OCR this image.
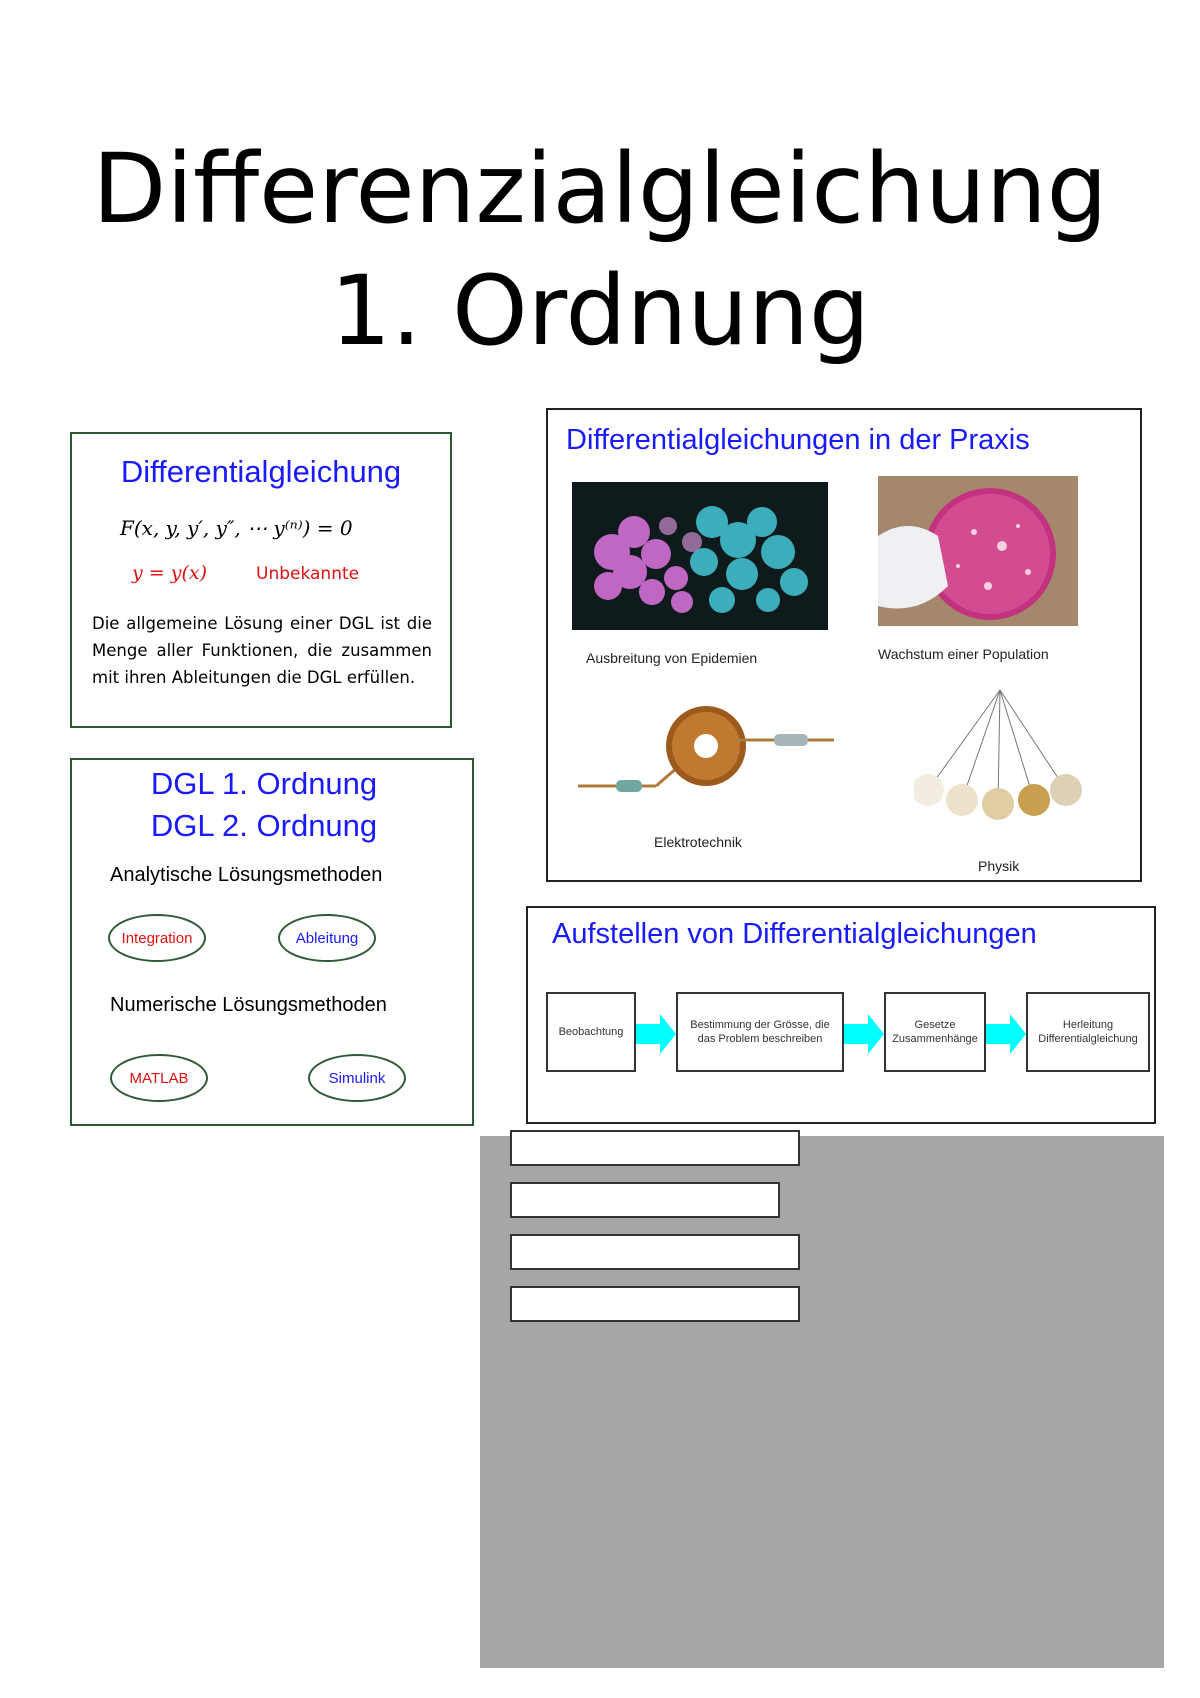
Differenzialgleichung
1. Ordnung
Differentialgleichung
F(x, y, y′, y″, ⋯ y⁽ⁿ⁾) = 0
y = y(x)	Unbekannte
Die allgemeine Lösung einer DGL ist die Menge aller Funktionen, die zusammen mit ihren Ableitungen die DGL erfüllen.
DGL 1. Ordnung
DGL 2. Ordnung
Analytische Lösungsmethoden
Integration	Ableitung
Numerische Lösungsmethoden
MATLAB	Simulink
Differentialgleichungen in der Praxis
Ausbreitung von Epidemien	Wachstum einer Population
Elektrotechnik
Physik
Aufstellen von Differentialgleichungen
Beobachtung
Bestimmung der Grösse, die das Problem beschreiben
Gesetze Zusammenhänge
Herleitung Differentialgleichung
